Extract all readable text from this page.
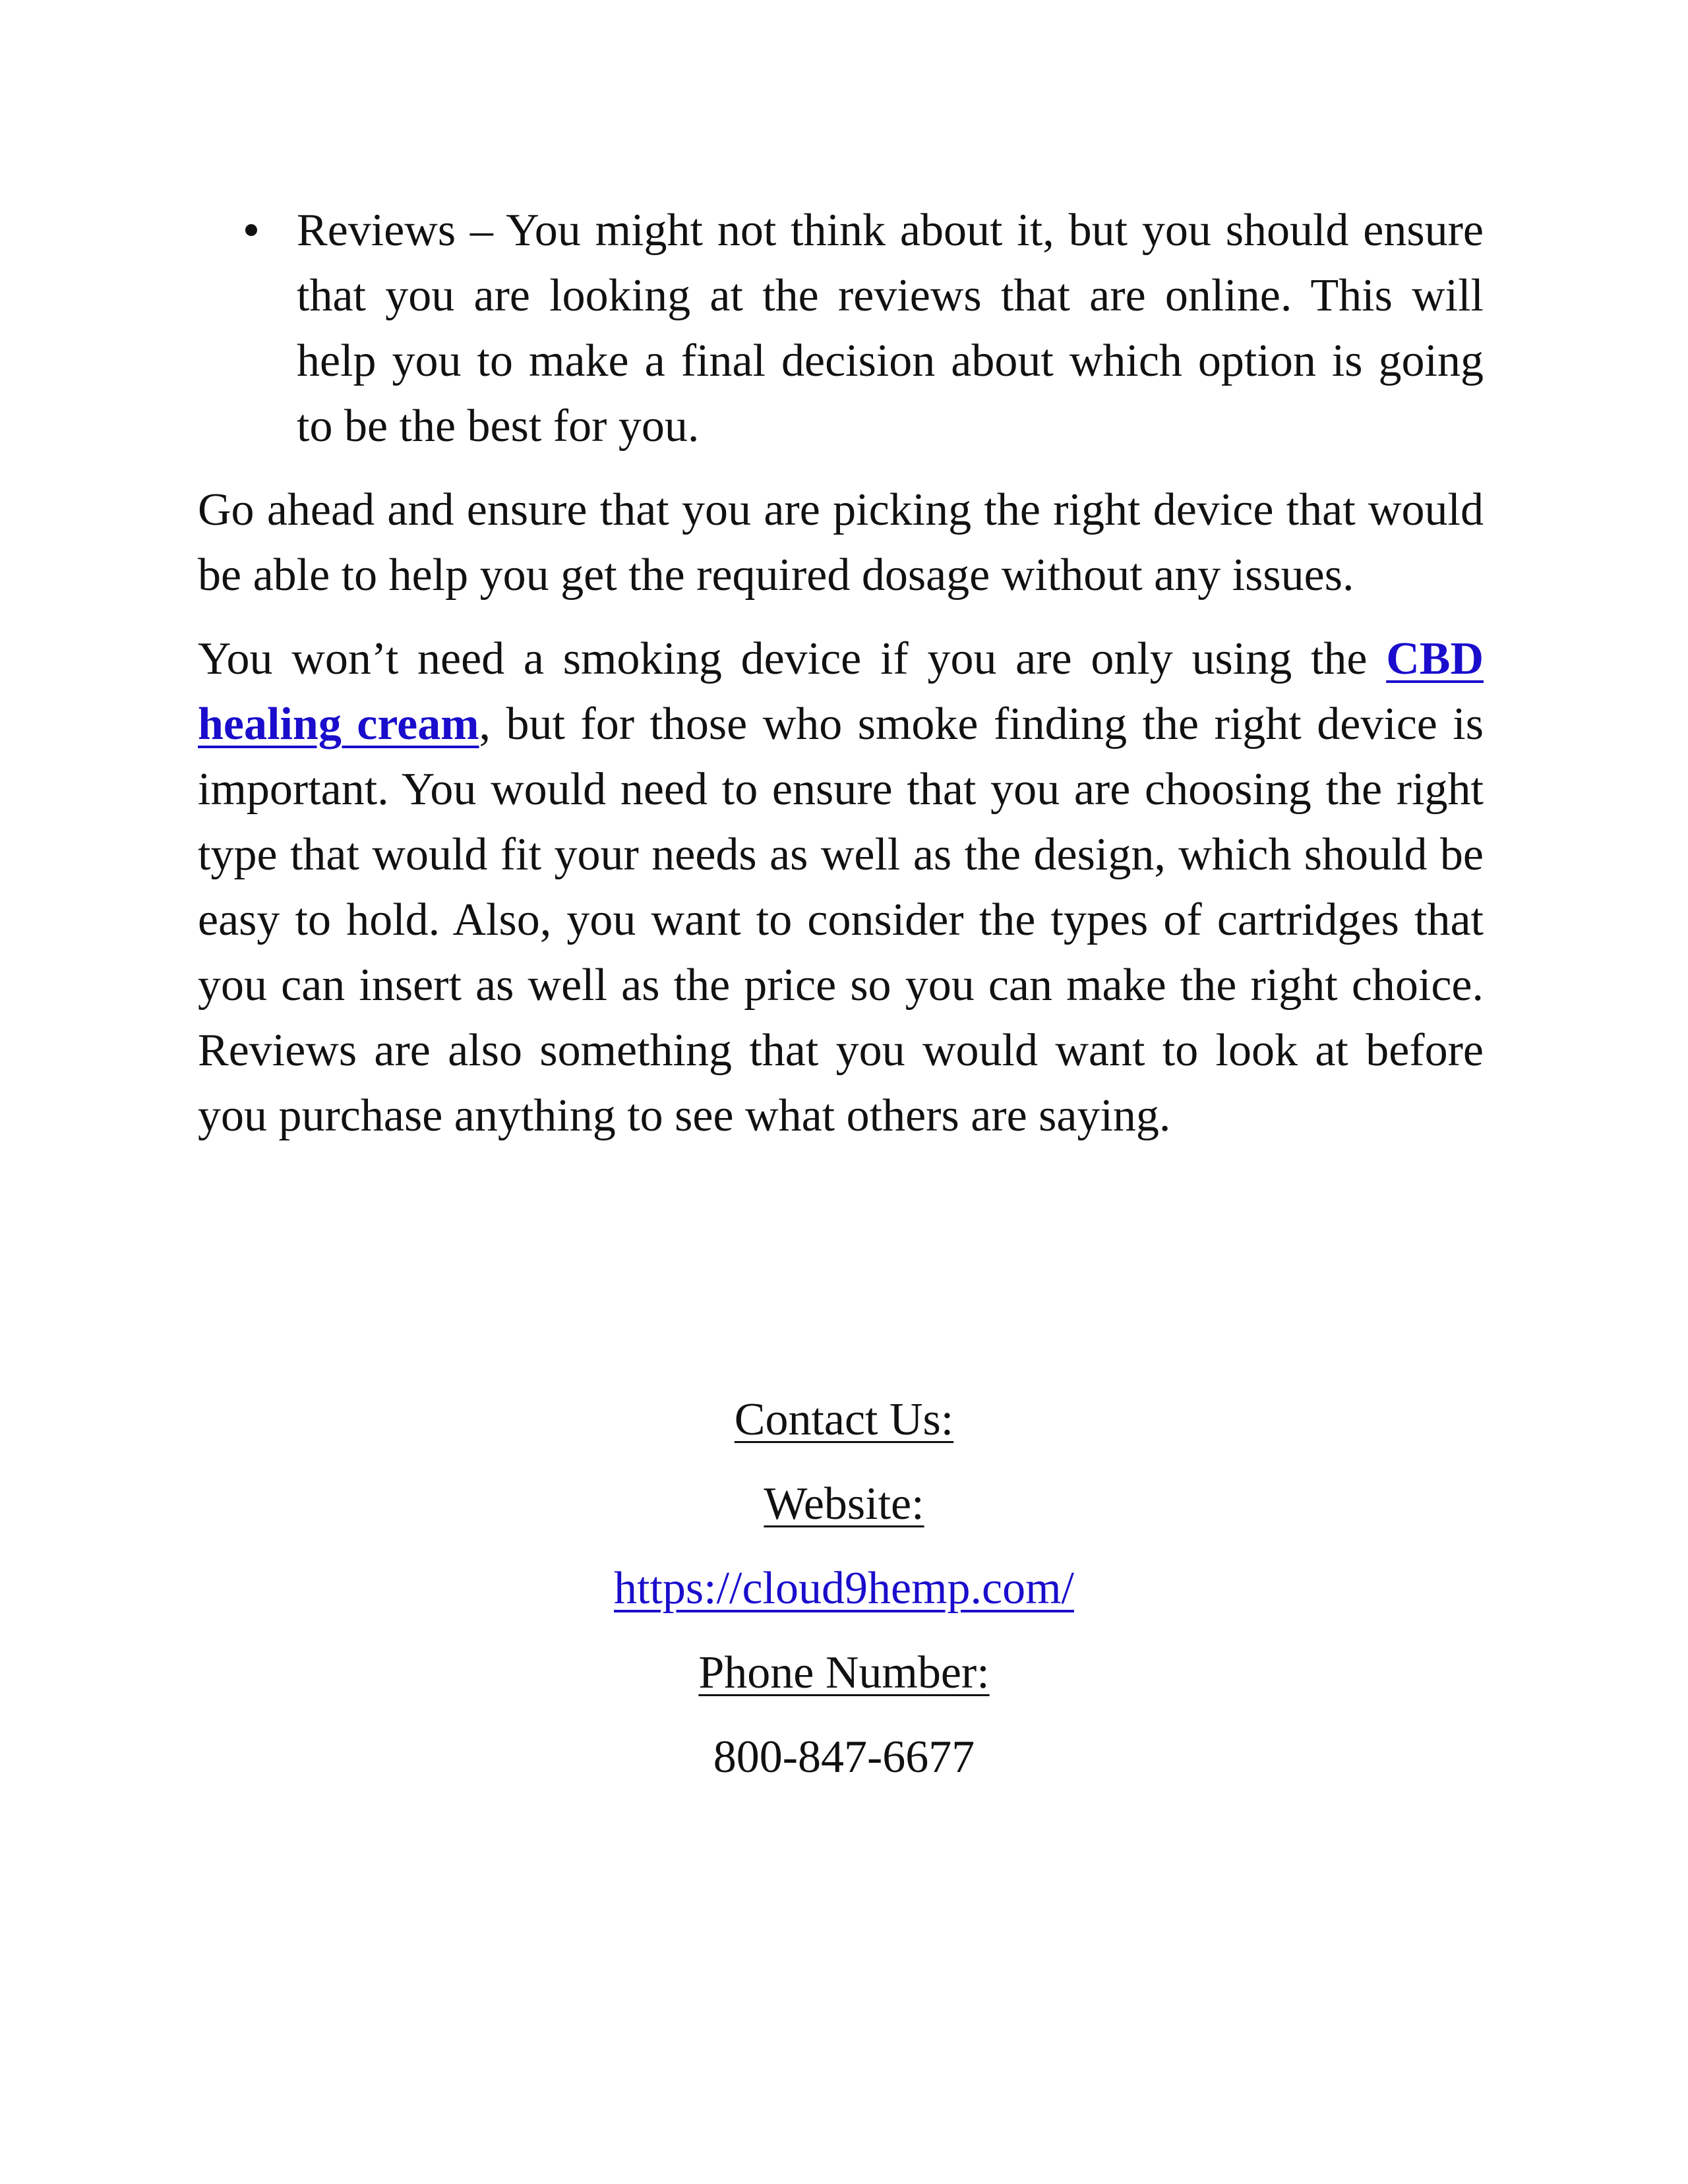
Reviews – You might not think about it, but you should ensure that you are looking at the reviews that are online. This will help you to make a final decision about which option is going to be the best for you.

Go ahead and ensure that you are picking the right device that would be able to help you get the required dosage without any issues.

You won’t need a smoking device if you are only using the CBD healing cream, but for those who smoke finding the right device is important. You would need to ensure that you are choosing the right type that would fit your needs as well as the design, which should be easy to hold. Also, you want to consider the types of cartridges that you can insert as well as the price so you can make the right choice. Reviews are also something that you would want to look at before you purchase anything to see what others are saying.

Contact Us:

Website:

https://cloud9hemp.com/

Phone Number:

800-847-6677
